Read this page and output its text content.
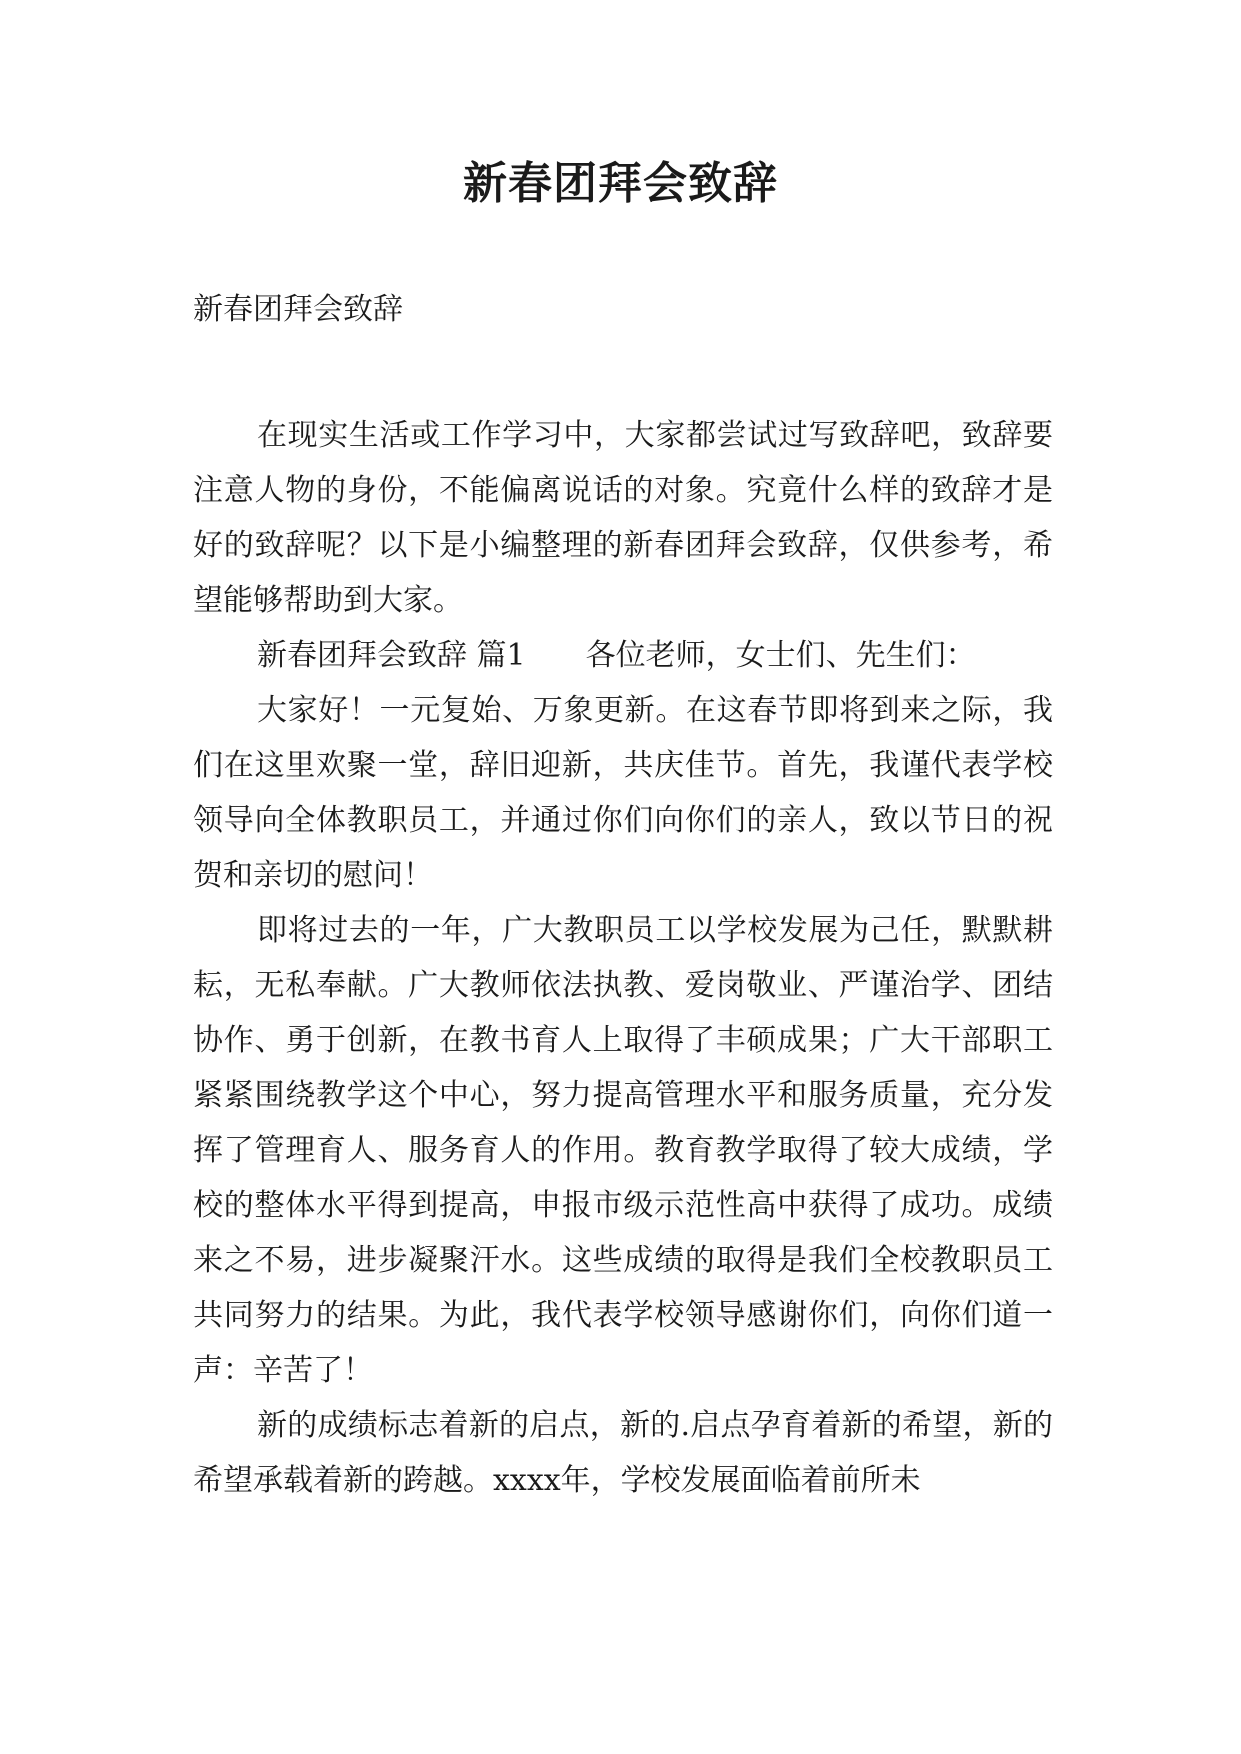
新春团拜会致辞

新春团拜会致辞

在现实生活或工作学习中，大家都尝试过写致辞吧，致辞要注意人物的身份，不能偏离说话的对象。究竟什么样的致辞才是好的致辞呢？以下是小编整理的新春团拜会致辞，仅供参考，希望能够帮助到大家。

新春团拜会致辞 篇1　　各位老师，女士们、先生们：

大家好！一元复始、万象更新。在这春节即将到来之际，我们在这里欢聚一堂，辞旧迎新，共庆佳节。首先，我谨代表学校领导向全体教职员工，并通过你们向你们的亲人，致以节日的祝贺和亲切的慰问！

即将过去的一年，广大教职员工以学校发展为己任，默默耕耘，无私奉献。广大教师依法执教、爱岗敬业、严谨治学、团结协作、勇于创新，在教书育人上取得了丰硕成果；广大干部职工紧紧围绕教学这个中心，努力提高管理水平和服务质量，充分发挥了管理育人、服务育人的作用。教育教学取得了较大成绩，学校的整体水平得到提高，申报市级示范性高中获得了成功。成绩来之不易，进步凝聚汗水。这些成绩的取得是我们全校教职员工共同努力的结果。为此，我代表学校领导感谢你们，向你们道一声：辛苦了！

新的成绩标志着新的启点，新的.启点孕育着新的希望，新的希望承载着新的跨越。xxxx年，学校发展面临着前所未
